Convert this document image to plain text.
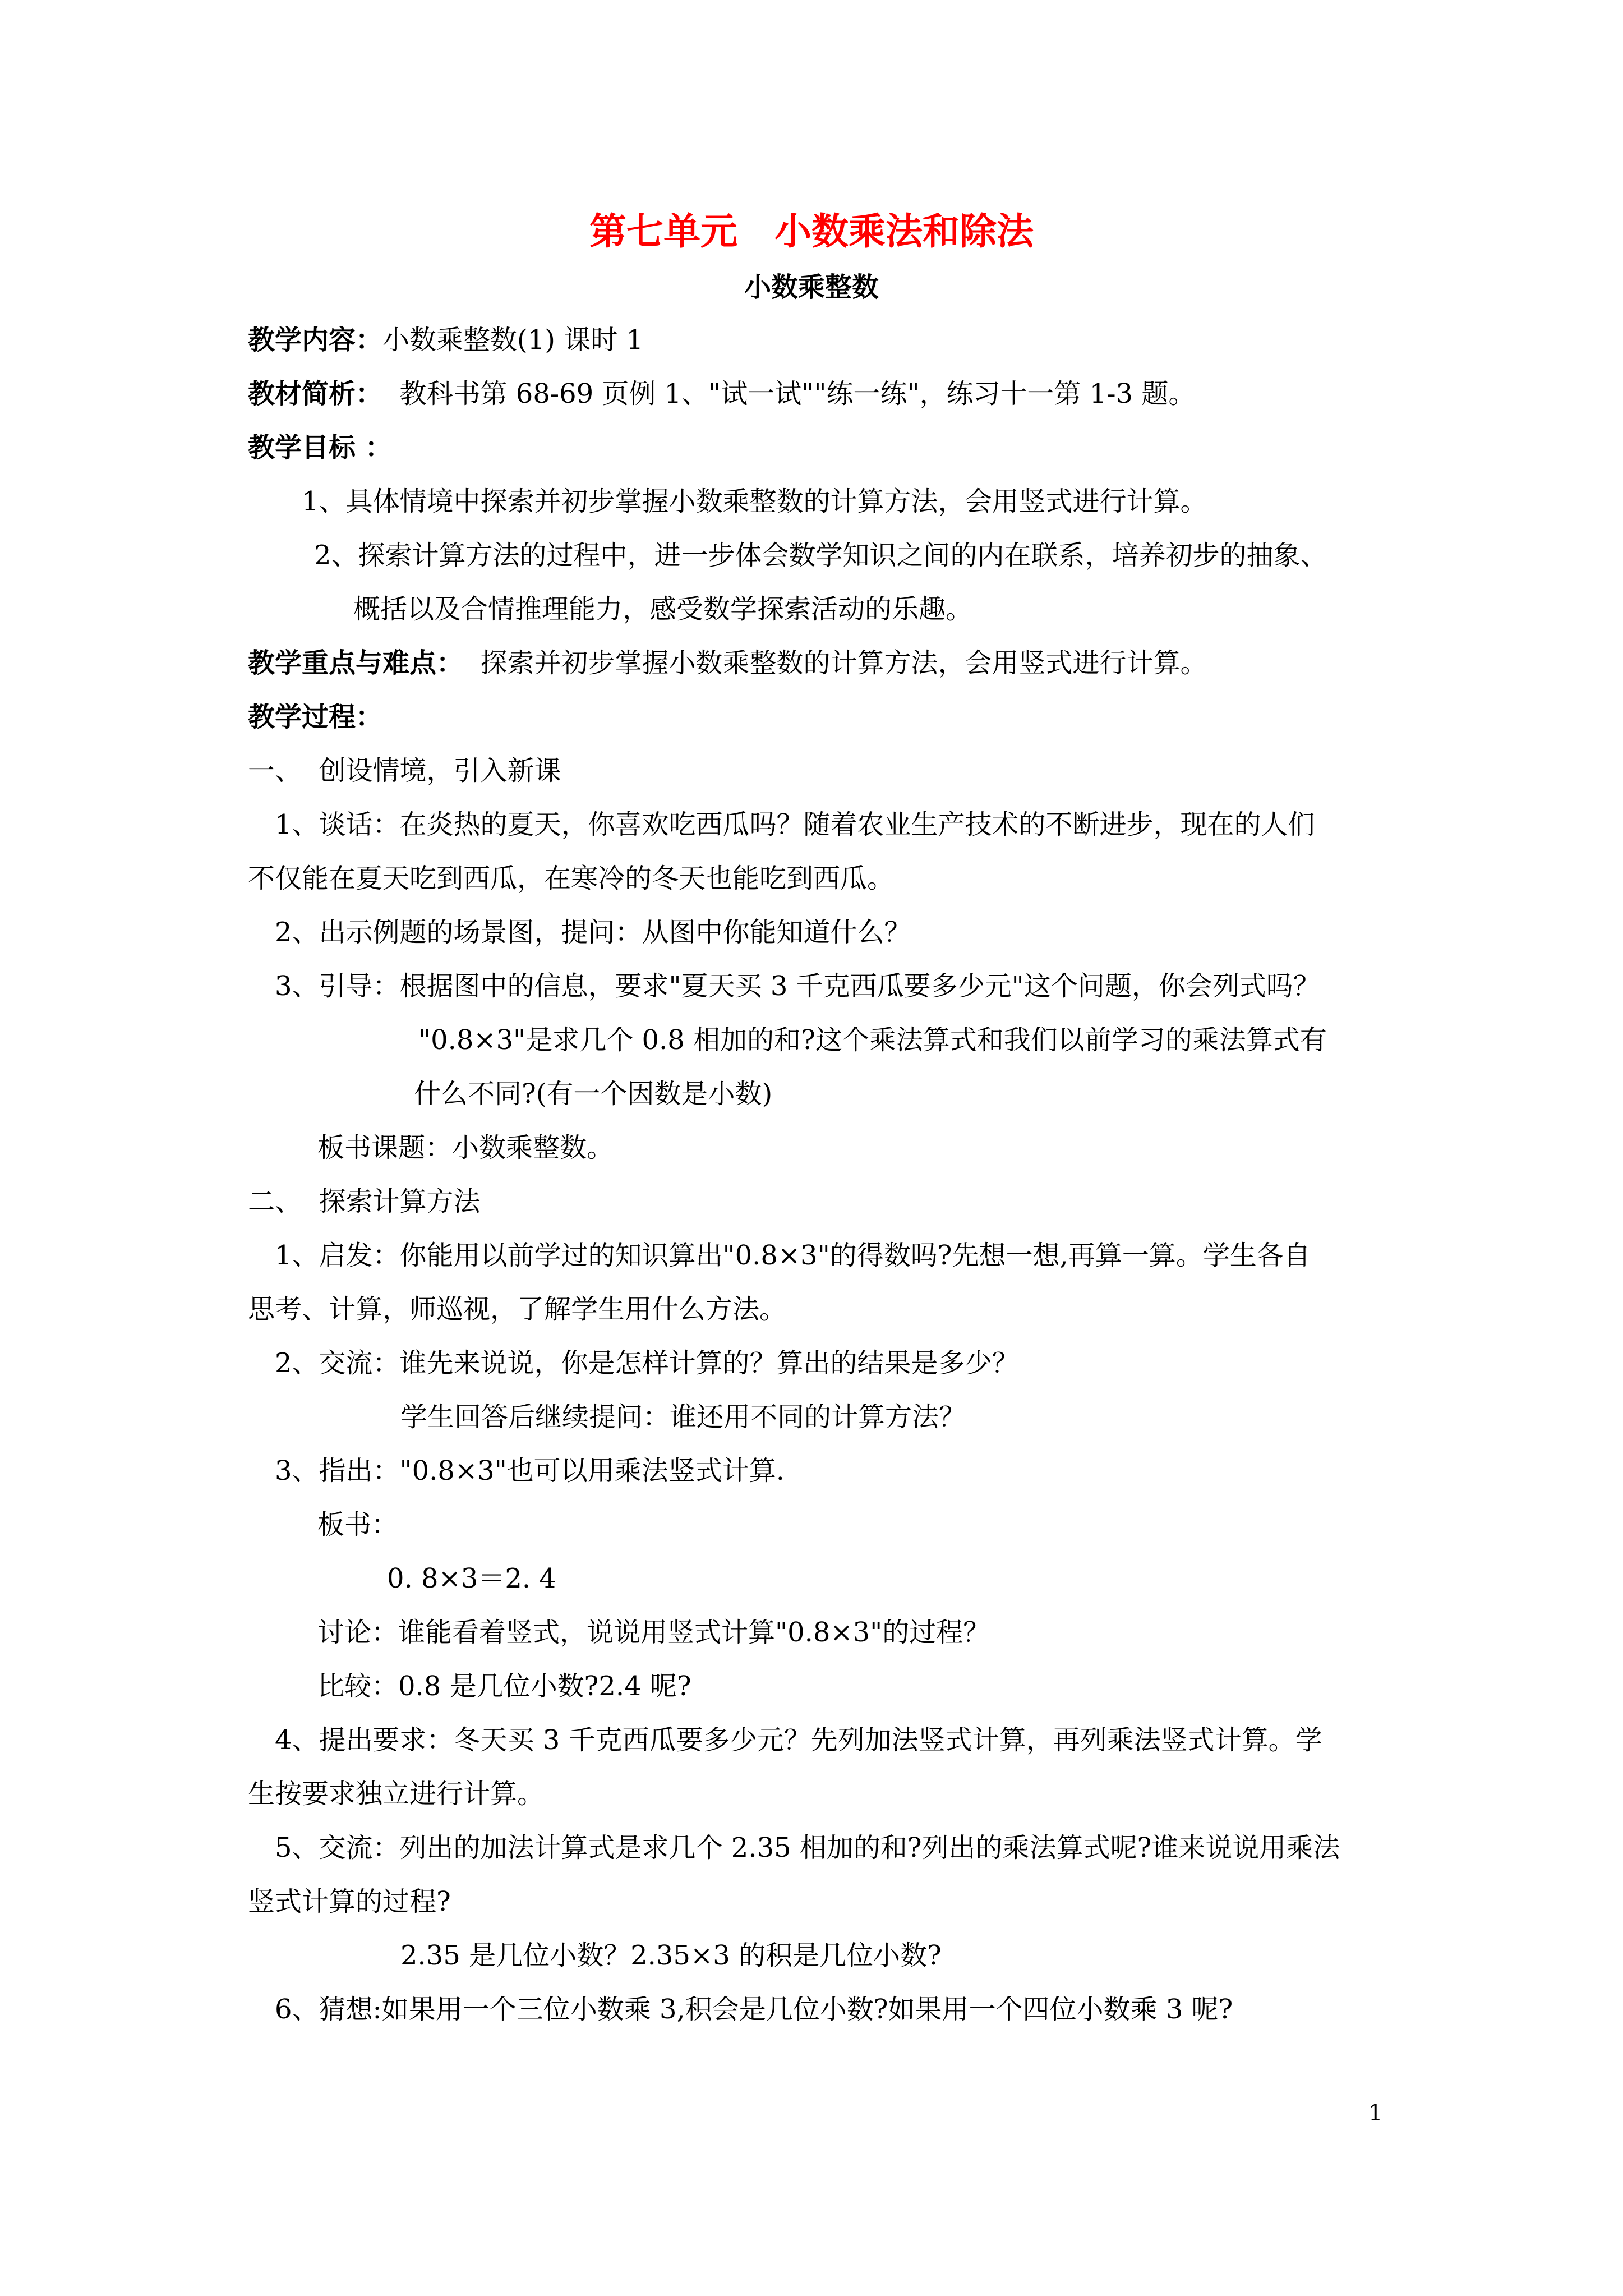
第七单元　小数乘法和除法
小数乘整数
教学内容：小数乘整数(1) 课时 1
教材简析：  教科书第 68-69 页例 1、"试一试""练一练"，练习十一第 1-3 题。
教学目标 ：
1、具体情境中探索并初步掌握小数乘整数的计算方法，会用竖式进行计算。
2、探索计算方法的过程中，进一步体会数学知识之间的内在联系，培养初步的抽象、
概括以及合情推理能力，感受数学探索活动的乐趣。
教学重点与难点：  探索并初步掌握小数乘整数的计算方法，会用竖式进行计算。
教学过程：
一、  创设情境，引入新课
1、谈话：在炎热的夏天，你喜欢吃西瓜吗？随着农业生产技术的不断进步，现在的人们
不仅能在夏天吃到西瓜，在寒冷的冬天也能吃到西瓜。
2、出示例题的场景图，提问：从图中你能知道什么？
3、引导：根据图中的信息，要求"夏天买 3 千克西瓜要多少元"这个问题，你会列式吗？
"0.8×3"是求几个 0.8 相加的和?这个乘法算式和我们以前学习的乘法算式有
什么不同?(有一个因数是小数)
板书课题：小数乘整数。
二、  探索计算方法
1、启发：你能用以前学过的知识算出"0.8×3"的得数吗?先想一想,再算一算。学生各自
思考、计算，师巡视，了解学生用什么方法。
2、交流：谁先来说说，你是怎样计算的？算出的结果是多少？
学生回答后继续提问：谁还用不同的计算方法？
3、指出："0.8×3"也可以用乘法竖式计算.
板书：
0. 8×3＝2. 4
讨论：谁能看着竖式，说说用竖式计算"0.8×3"的过程？
比较：0.8 是几位小数?2.4 呢?
4、提出要求：冬天买 3 千克西瓜要多少元？先列加法竖式计算，再列乘法竖式计算。学
生按要求独立进行计算。
5、交流：列出的加法计算式是求几个 2.35 相加的和?列出的乘法算式呢?谁来说说用乘法
竖式计算的过程?
2.35 是几位小数？2.35×3 的积是几位小数?
6、猜想:如果用一个三位小数乘 3,积会是几位小数?如果用一个四位小数乘 3 呢?
1
